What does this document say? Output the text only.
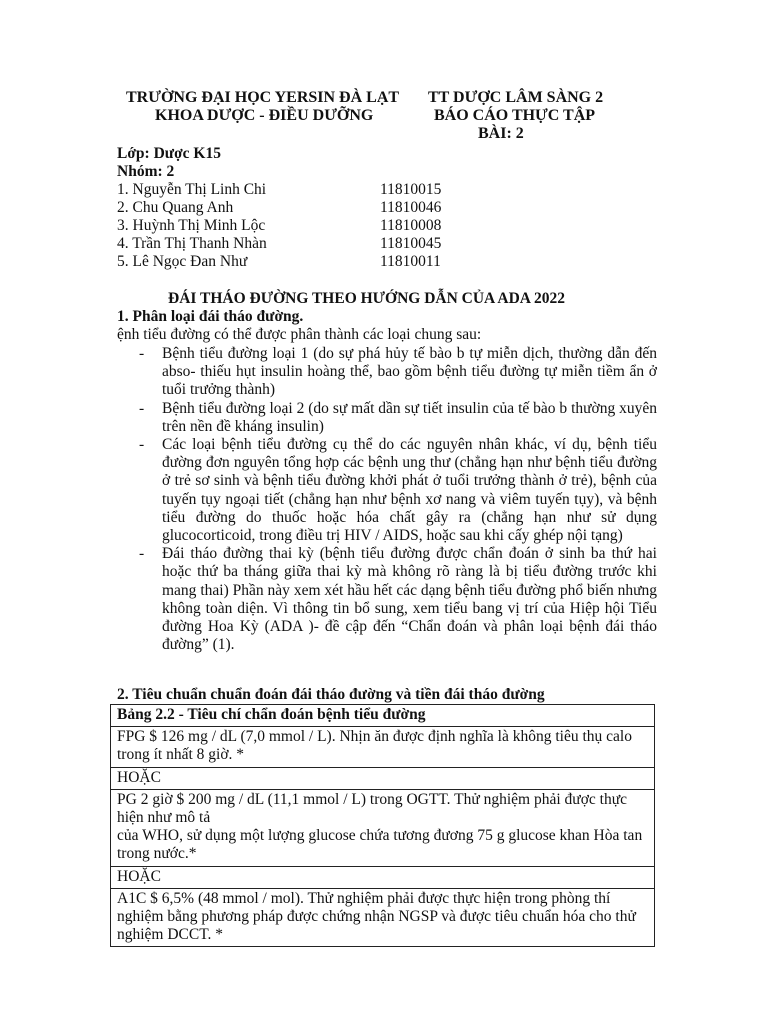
TRƯỜNG ĐẠI HỌC YERSIN ĐÀ LẠT
KHOA DƯỢC - ĐIỀU DƯỠNG
TT DƯỢC LÂM SÀNG 2
BÁO CÁO THỰC TẬP
BÀI: 2
Lớp: Dược K15
Nhóm: 2
1. Nguyễn Thị Linh Chi	11810015
2. Chu Quang Anh	11810046
3. Huỳnh Thị Minh Lộc	11810008
4. Trần Thị Thanh Nhàn	11810045
5. Lê Ngọc Đan Như	11810011
ĐÁI THÁO ĐƯỜNG THEO HƯỚNG DẪN CỦA ADA 2022
1. Phân loại đái tháo đường.
ệnh tiểu đường có thể được phân thành các loại chung sau:

- Bệnh tiểu đường loại 1 (do sự phá hủy tế bào b tự miễn dịch, thường dẫn đến abso- thiếu hụt insulin hoàng thể, bao gồm bệnh tiểu đường tự miễn tiềm ẩn ở tuổi trưởng thành)

- Bệnh tiểu đường loại 2 (do sự mất dần sự tiết insulin của tế bào b thường xuyên trên nền đề kháng insulin)

- Các loại bệnh tiểu đường cụ thể do các nguyên nhân khác, ví dụ, bệnh tiểu đường đơn nguyên tổng hợp các bệnh ung thư (chẳng hạn như bệnh tiểu đường ở trẻ sơ sinh và bệnh tiểu đường khởi phát ở tuổi trưởng thành ở trẻ), bệnh của tuyến tụy ngoại tiết (chẳng hạn như bệnh xơ nang và viêm tuyến tụy), và bệnh tiểu đường do thuốc hoặc hóa chất gây ra (chẳng hạn như sử dụng glucocorticoid, trong điều trị HIV / AIDS, hoặc sau khi cấy ghép nội tạng)

- Đái tháo đường thai kỳ (bệnh tiểu đường được chẩn đoán ở sinh ba thứ hai hoặc thứ ba tháng giữa thai kỳ mà không rõ ràng là bị tiểu đường trước khi mang thai) Phần này xem xét hầu hết các dạng bệnh tiểu đường phổ biến nhưng không toàn diện. Vì thông tin bổ sung, xem tiểu bang vị trí của Hiệp hội Tiểu đường Hoa Kỳ (ADA )- đề cập đến “Chẩn đoán và phân loại bệnh đái tháo đường” (1).

2. Tiêu chuẩn chuẩn đoán đái tháo đường và tiền đái tháo đường
Bảng 2.2 - Tiêu chí chẩn đoán bệnh tiểu đường
FPG $ 126 mg / dL (7,0 mmol / L). Nhịn ăn được định nghĩa là không tiêu thụ calo trong ít nhất 8 giờ. *
HOẶC

PG 2 giờ $ 200 mg / dL (11,1 mmol / L) trong OGTT. Thử nghiệm phải được thực hiện như mô tả
của WHO, sử dụng một lượng glucose chứa tương đương 75 g glucose khan Hòa tan trong nước.*

HOẶC
A1C $ 6,5% (48 mmol / mol). Thử nghiệm phải được thực hiện trong phòng thí nghiệm bằng phương pháp được chứng nhận NGSP và được tiêu chuẩn hóa cho thử nghiệm DCCT. *
